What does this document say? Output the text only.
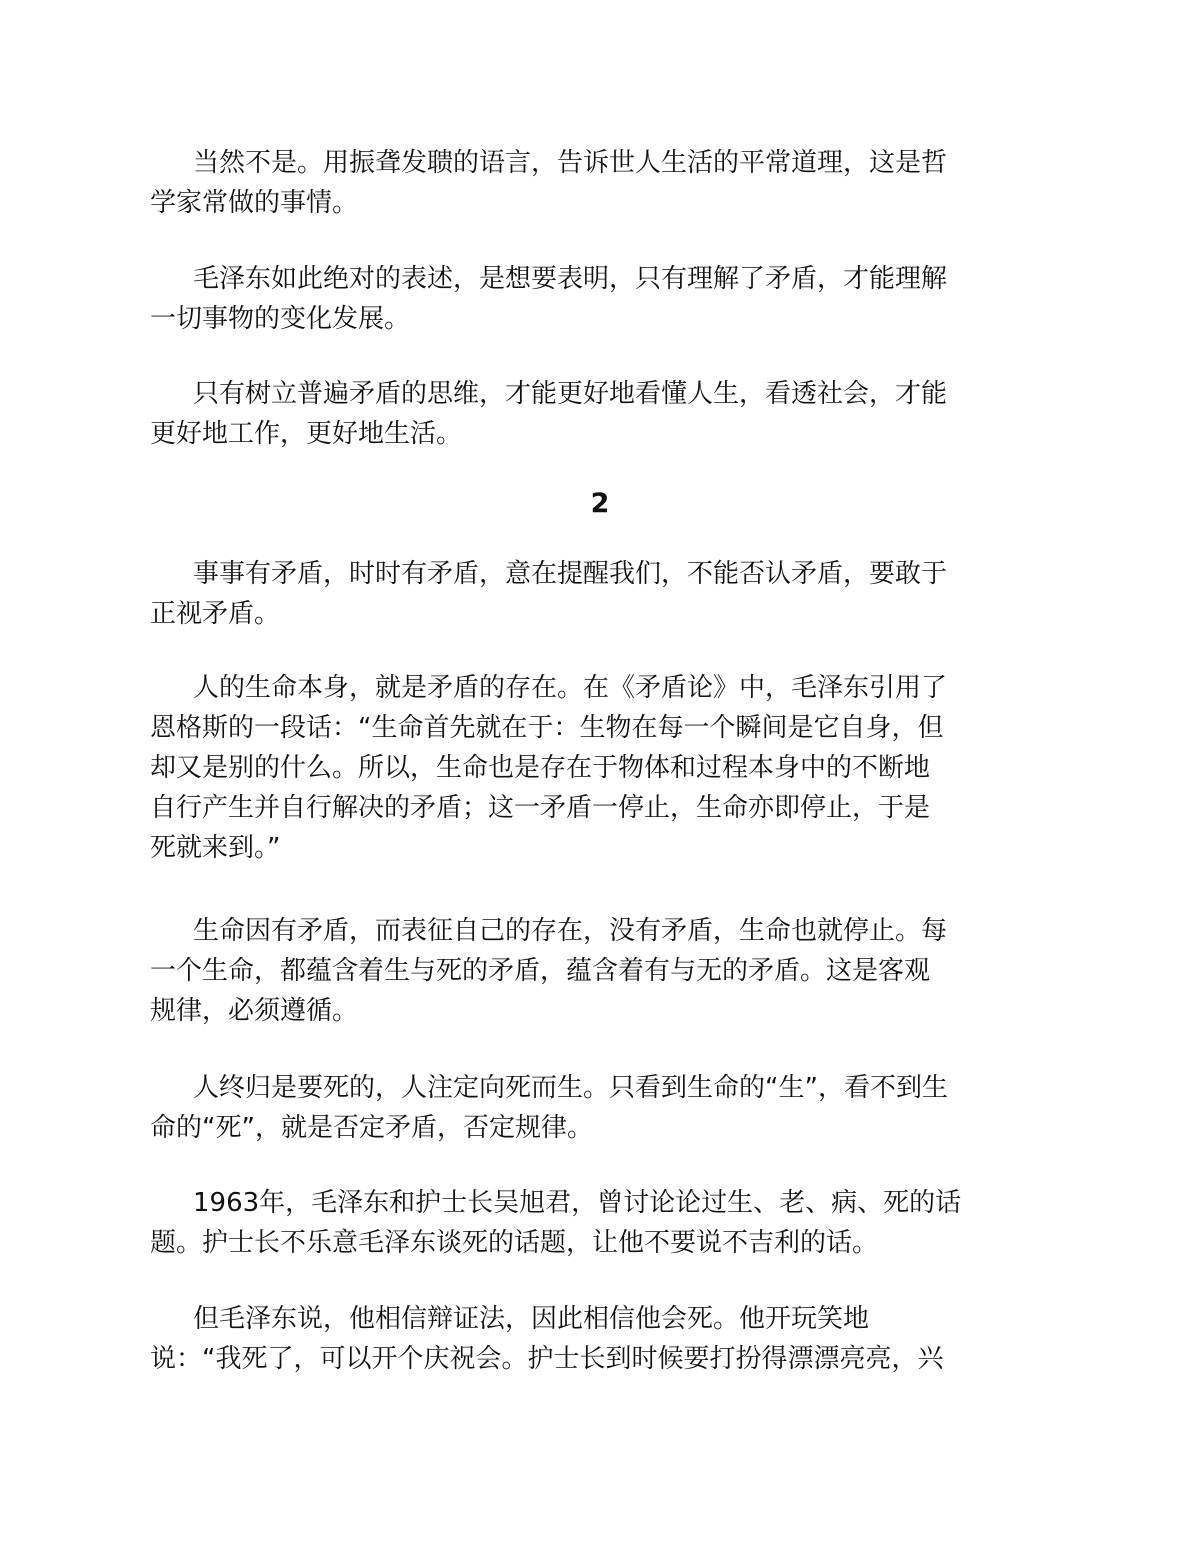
当然不是。用振聋发聩的语言，告诉世人生活的平常道理，这是哲
学家常做的事情。

毛泽东如此绝对的表述，是想要表明，只有理解了矛盾，才能理解
一切事物的变化发展。

只有树立普遍矛盾的思维，才能更好地看懂人生，看透社会，才能
更好地工作，更好地生活。

2

事事有矛盾，时时有矛盾，意在提醒我们，不能否认矛盾，要敢于
正视矛盾。

人的生命本身，就是矛盾的存在。在《矛盾论》中，毛泽东引用了
恩格斯的一段话：“生命首先就在于：生物在每一个瞬间是它自身，但
却又是别的什么。所以，生命也是存在于物体和过程本身中的不断地
自行产生并自行解决的矛盾；这一矛盾一停止，生命亦即停止，于是
死就来到。”

生命因有矛盾，而表征自己的存在，没有矛盾，生命也就停止。每
一个生命，都蕴含着生与死的矛盾，蕴含着有与无的矛盾。这是客观
规律，必须遵循。

人终归是要死的，人注定向死而生。只看到生命的“生”，看不到生
命的“死”，就是否定矛盾，否定规律。

1963年，毛泽东和护士长吴旭君，曾讨论论过生、老、病、死的话
题。护士长不乐意毛泽东谈死的话题，让他不要说不吉利的话。

但毛泽东说，他相信辩证法，因此相信他会死。他开玩笑地
说：“我死了，可以开个庆祝会。护士长到时候要打扮得漂漂亮亮，兴
